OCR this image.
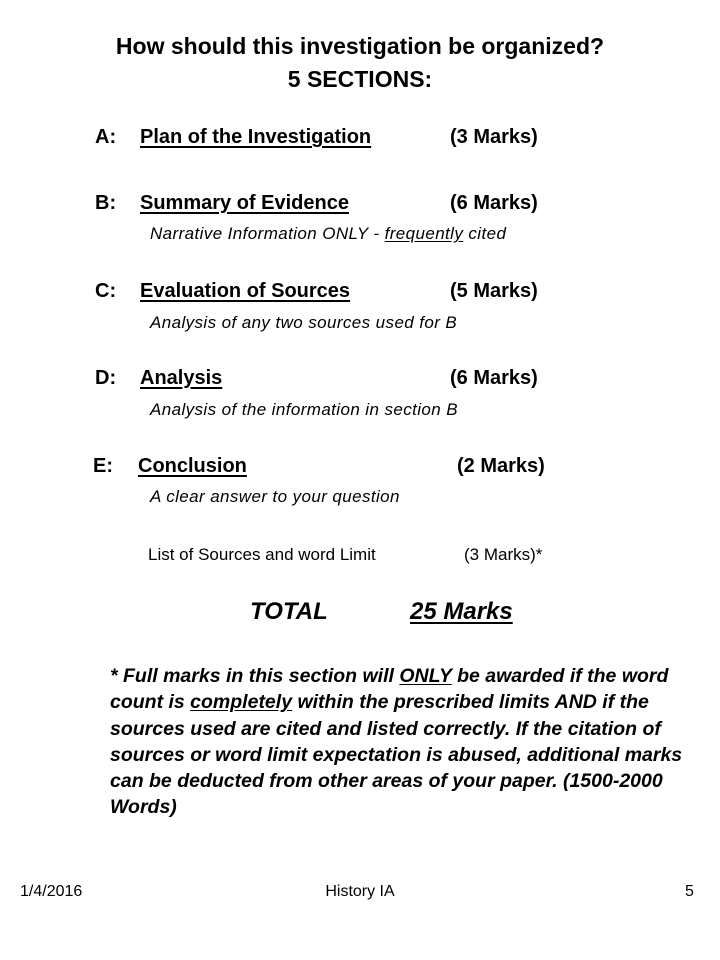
How should this investigation be organized?
5 SECTIONS:
A: Plan of the Investigation	(3 Marks)
B: Summary of Evidence	(6 Marks)
Narrative Information ONLY - frequently cited
C: Evaluation of Sources	(5 Marks)
Analysis of any two sources used for B
D: Analysis	(6 Marks)
Analysis of the information in section B
E: Conclusion	(2 Marks)
A clear answer to your question
List of Sources and word Limit	(3 Marks)*
TOTAL	25 Marks
* Full marks in this section will ONLY be awarded if the word count is completely within the prescribed limits AND if the sources used are cited and listed correctly. If the citation of sources or word limit expectation is abused, additional marks can be deducted from other areas of your paper. (1500-2000 Words)
1/4/2016	History IA	5
